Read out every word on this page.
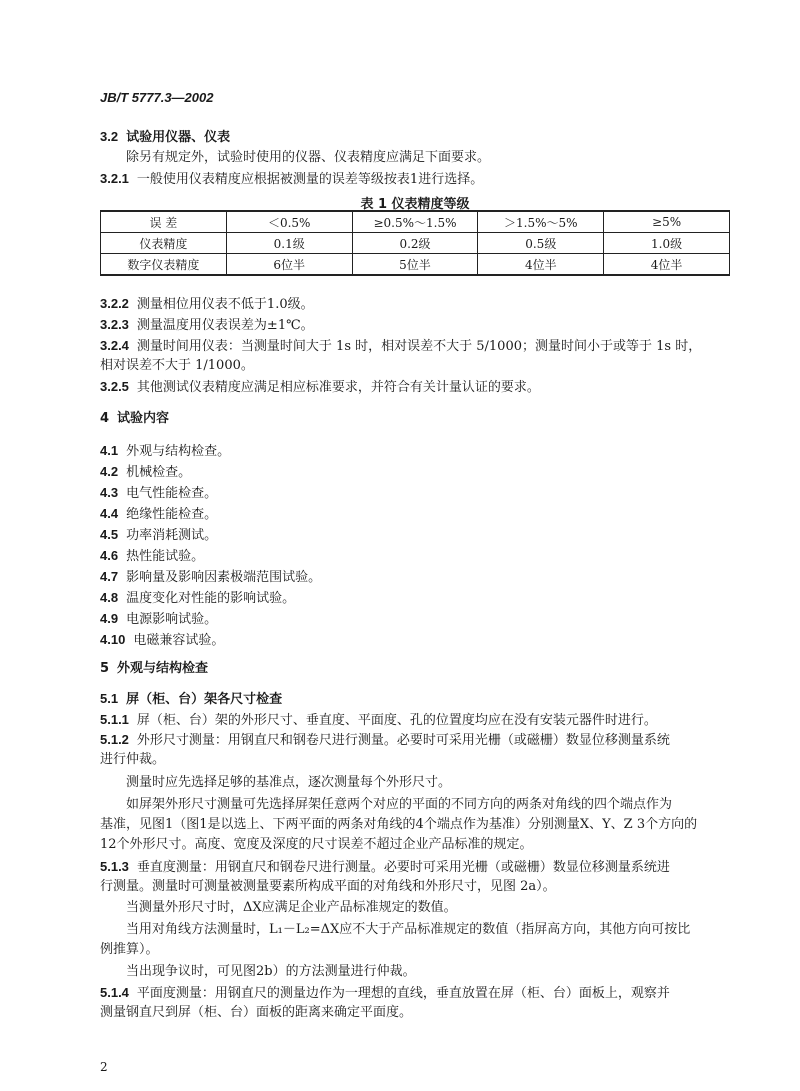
JB/T 5777.3—2002
3.2 试验用仪器、仪表
除另有规定外，试验时使用的仪器、仪表精度应满足下面要求。
3.2.1 一般使用仪表精度应根据被测量的误差等级按表1进行选择。
表 1 仪表精度等级
误 差	＜0.5%	≥0.5%～1.5%	＞1.5%～5%	≥5%
仪表精度	0.1级	0.2级	0.5级	1.0级
数字仪表精度	6位半	5位半	4位半	4位半
3.2.2 测量相位用仪表不低于1.0级。
3.2.3 测量温度用仪表误差为±1℃。
3.2.4 测量时间用仪表：当测量时间大于 1s 时，相对误差不大于 5/1000；测量时间小于或等于 1s 时，
相对误差不大于 1/1000。
3.2.5 其他测试仪表精度应满足相应标准要求，并符合有关计量认证的要求。
4 试验内容
4.1 外观与结构检查。
4.2 机械检查。
4.3 电气性能检查。
4.4 绝缘性能检查。
4.5 功率消耗测试。
4.6 热性能试验。
4.7 影响量及影响因素极端范围试验。
4.8 温度变化对性能的影响试验。
4.9 电源影响试验。
4.10 电磁兼容试验。
5 外观与结构检查
5.1 屏（柜、台）架各尺寸检查
5.1.1 屏（柜、台）架的外形尺寸、垂直度、平面度、孔的位置度均应在没有安装元器件时进行。
5.1.2 外形尺寸测量：用钢直尺和钢卷尺进行测量。必要时可采用光栅（或磁栅）数显位移测量系统
进行仲裁。
测量时应先选择足够的基准点，逐次测量每个外形尺寸。
如屏架外形尺寸测量可先选择屏架任意两个对应的平面的不同方向的两条对角线的四个端点作为
基准，见图1（图1是以选上、下两平面的两条对角线的4个端点作为基准）分别测量X、Y、Z 3个方向的
12个外形尺寸。高度、宽度及深度的尺寸误差不超过企业产品标准的规定。
5.1.3 垂直度测量：用钢直尺和钢卷尺进行测量。必要时可采用光栅（或磁栅）数显位移测量系统进
行测量。测量时可测量被测量要素所构成平面的对角线和外形尺寸，见图 2a）。
当测量外形尺寸时，ΔX应满足企业产品标准规定的数值。
当用对角线方法测量时，L₁－L₂=ΔX应不大于产品标准规定的数值（指屏高方向，其他方向可按比
例推算）。
当出现争议时，可见图2b）的方法测量进行仲裁。
5.1.4 平面度测量：用钢直尺的测量边作为一理想的直线，垂直放置在屏（柜、台）面板上，观察并
测量钢直尺到屏（柜、台）面板的距离来确定平面度。
2
